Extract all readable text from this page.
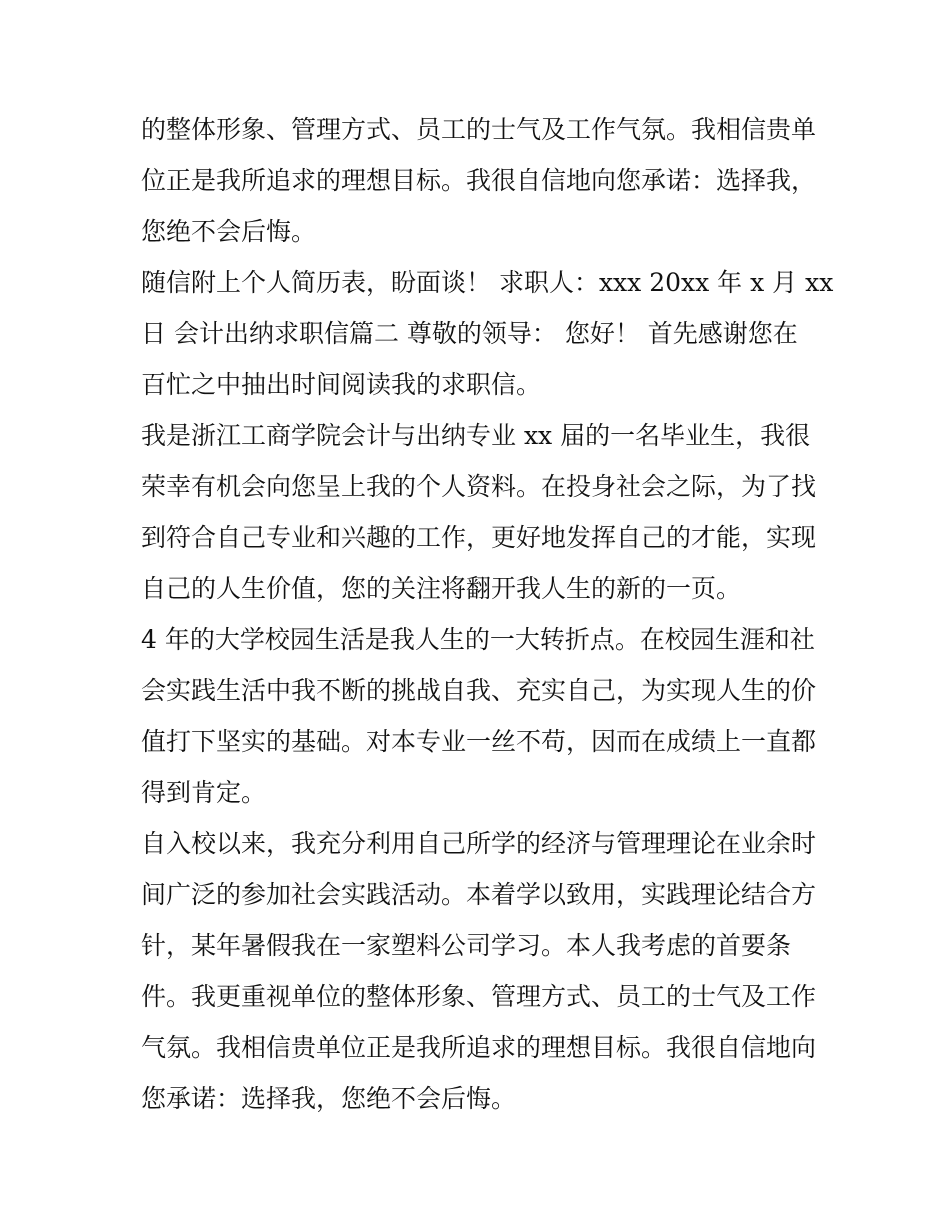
的整体形象、管理方式、员工的士气及工作气氛。我相信贵单

位正是我所追求的理想目标。我很自信地向您承诺：选择我，

您绝不会后悔。

随信附上个人简历表，盼面谈！ 求职人：xxx 20xx 年 x 月 xx

日 会计出纳求职信篇二 尊敬的领导： 您好！ 首先感谢您在

百忙之中抽出时间阅读我的求职信。

我是浙江工商学院会计与出纳专业 xx 届的一名毕业生，我很

荣幸有机会向您呈上我的个人资料。在投身社会之际，为了找

到符合自己专业和兴趣的工作，更好地发挥自己的才能，实现

自己的人生价值，您的关注将翻开我人生的新的一页。

4 年的大学校园生活是我人生的一大转折点。在校园生涯和社

会实践生活中我不断的挑战自我、充实自己，为实现人生的价

值打下坚实的基础。对本专业一丝不苟，因而在成绩上一直都

得到肯定。

自入校以来，我充分利用自己所学的经济与管理理论在业余时

间广泛的参加社会实践活动。本着学以致用，实践理论结合方

针，某年暑假我在一家塑料公司学习。本人我考虑的首要条

件。我更重视单位的整体形象、管理方式、员工的士气及工作

气氛。我相信贵单位正是我所追求的理想目标。我很自信地向

您承诺：选择我，您绝不会后悔。
